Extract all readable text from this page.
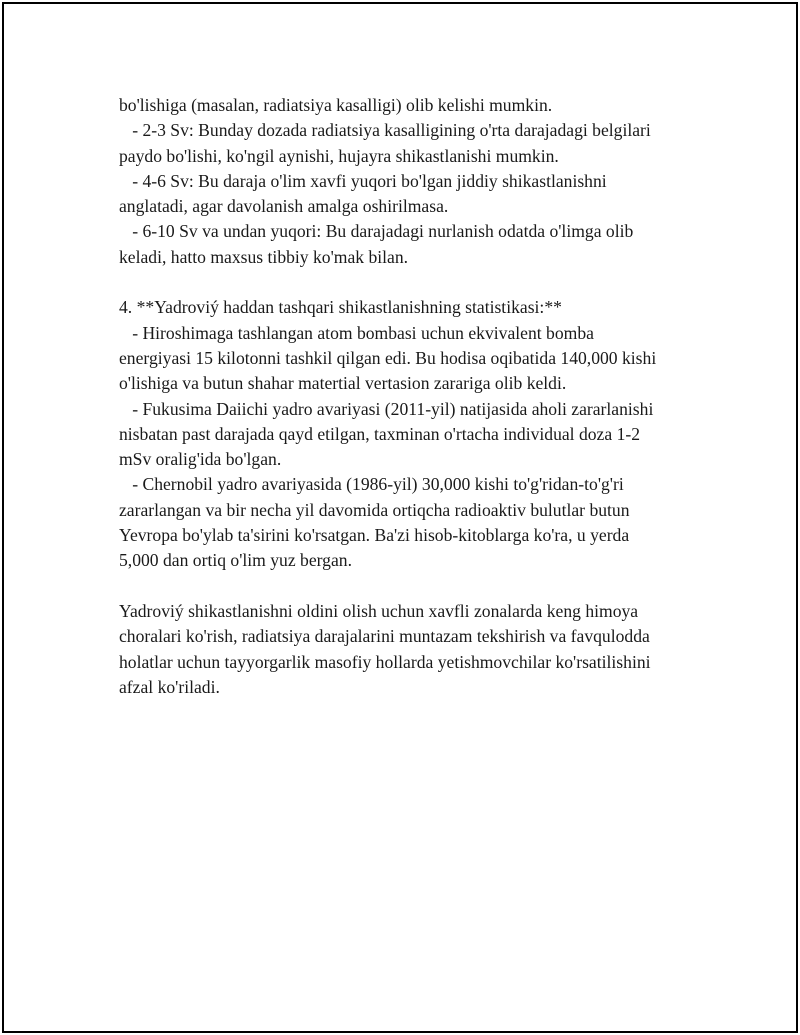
bo'lishiga (masalan, radiatsiya kasalligi) olib kelishi mumkin.
- 2-3 Sv: Bunday dozada radiatsiya kasalligining o'rta darajadagi belgilari
paydo bo'lishi, ko'ngil aynishi, hujayra shikastlanishi mumkin.
- 4-6 Sv: Bu daraja o'lim xavfi yuqori bo'lgan jiddiy shikastlanishni
anglatadi, agar davolanish amalga oshirilmasa.
- 6-10 Sv va undan yuqori: Bu darajadagi nurlanish odatda o'limga olib
keladi, hatto maxsus tibbiy ko'mak bilan.
4. **Yadroviý haddan tashqari shikastlanishning statistikasi:**
- Hiroshimaga tashlangan atom bombasi uchun ekvivalent bomba
energiyasi 15 kilotonni tashkil qilgan edi. Bu hodisa oqibatida 140,000 kishi
o'lishiga va butun shahar matertial vertasion zarariga olib keldi.
- Fukusima Daiichi yadro avariyasi (2011-yil) natijasida aholi zararlanishi
nisbatan past darajada qayd etilgan, taxminan o'rtacha individual doza 1-2
mSv oralig'ida bo'lgan.
- Chernobil yadro avariyasida (1986-yil) 30,000 kishi to'g'ridan-to'g'ri
zararlangan va bir necha yil davomida ortiqcha radioaktiv bulutlar butun
Yevropa bo'ylab ta'sirini ko'rsatgan. Ba'zi hisob-kitoblarga ko'ra, u yerda
5,000 dan ortiq o'lim yuz bergan.
Yadroviý shikastlanishni oldini olish uchun xavfli zonalarda keng himoya
choralari ko'rish, radiatsiya darajalarini muntazam tekshirish va favqulodda
holatlar uchun tayyorgarlik masofiy hollarda yetishmovchilar ko'rsatilishini
afzal ko'riladi.
